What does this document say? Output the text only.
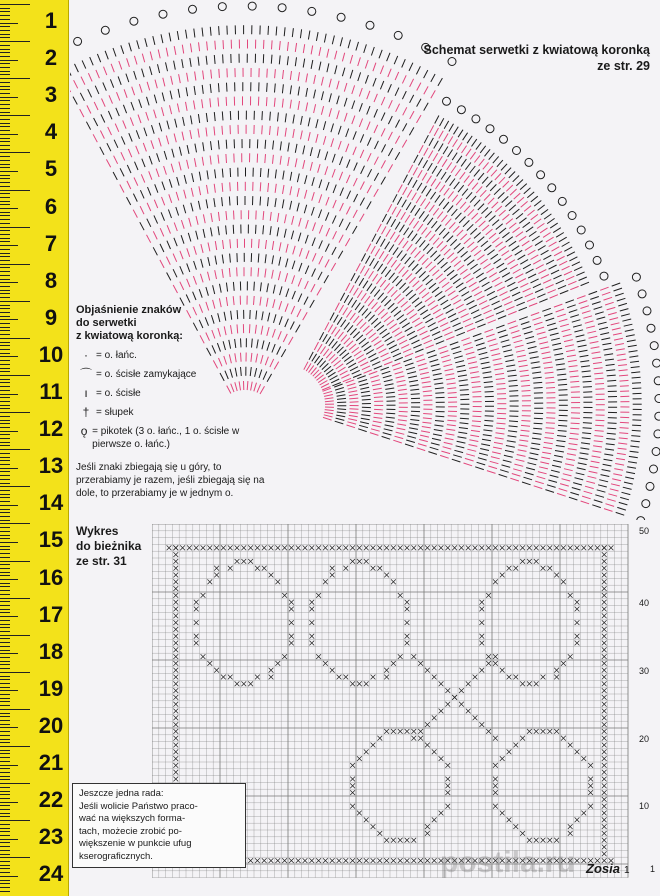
1
2
3
4
5
6
7
8
9
10
11
12
13
14
15
16
17
18
19
20
21
22
23
24
Schemat serwetki z kwiatową koronką
ze str. 29
Objaśnienie znaków
do serwetki
z kwiatową koronką:
· = o. łańc.
⌒ = o. ścisłe zamykające
ı = o. ścisłe
† = słupek
ǫ = pikotek (3 o. łańc., 1 o. ścisłe w pierwsze o. łańc.)
Jeśli znaki zbiegają się u góry, to przerabiamy je razem, jeśli zbiegają się na dole, to przerabiamy je w jednym o.
Wykres
do bieżnika
ze str. 31
50
40
30
20
10
1
Jeszcze jedna rada:
Jeśli wolicie Państwo praco-
wać na większych forma-
tach, możecie zrobić po-
większenie w punkcie ufug
kserograficznych.	postila.ru Zosia 1
